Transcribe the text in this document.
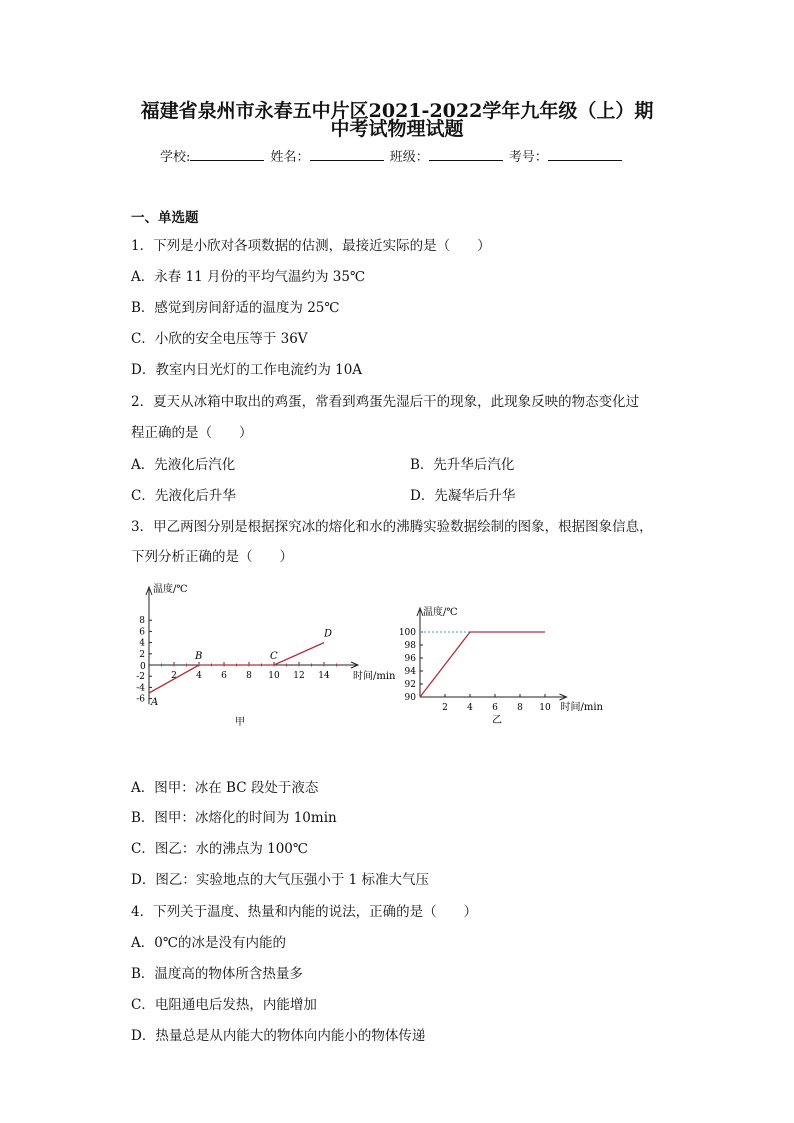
福建省泉州市永春五中片区2021-2022学年九年级（上）期
中考试物理试题
学校:	姓名：	班级：	考号：
一、单选题
1．下列是小欣对各项数据的估测，最接近实际的是（　　）
A．永春 11 月份的平均气温约为 35℃
B．感觉到房间舒适的温度为 25℃
C．小欣的安全电压等于 36V
D．教室内日光灯的工作电流约为 10A
2．夏天从冰箱中取出的鸡蛋，常看到鸡蛋先湿后干的现象，此现象反映的物态变化过
程正确的是（　　）
A．先液化后汽化	B．先升华后汽化
C．先液化后升华	D．先凝华后升华
3．甲乙两图分别是根据探究冰的熔化和水的沸腾实验数据绘制的图象，根据图象信息，
下列分析正确的是（　　）
温度/℃
时间/min
0
8
6
4
2
-2
-4
-6
2 4 6 8 10 12 14
A
B	C
D
甲
温度/℃
时间/min
90
92
94
96
98
100
2 4 6 8 10
乙
A．图甲：冰在 BC 段处于液态
B．图甲：冰熔化的时间为 10min
C．图乙：水的沸点为 100℃
D．图乙：实验地点的大气压强小于 1 标准大气压
4．下列关于温度、热量和内能的说法，正确的是（　　）
A．0℃的冰是没有内能的
B．温度高的物体所含热量多
C．电阻通电后发热，内能增加
D．热量总是从内能大的物体向内能小的物体传递
